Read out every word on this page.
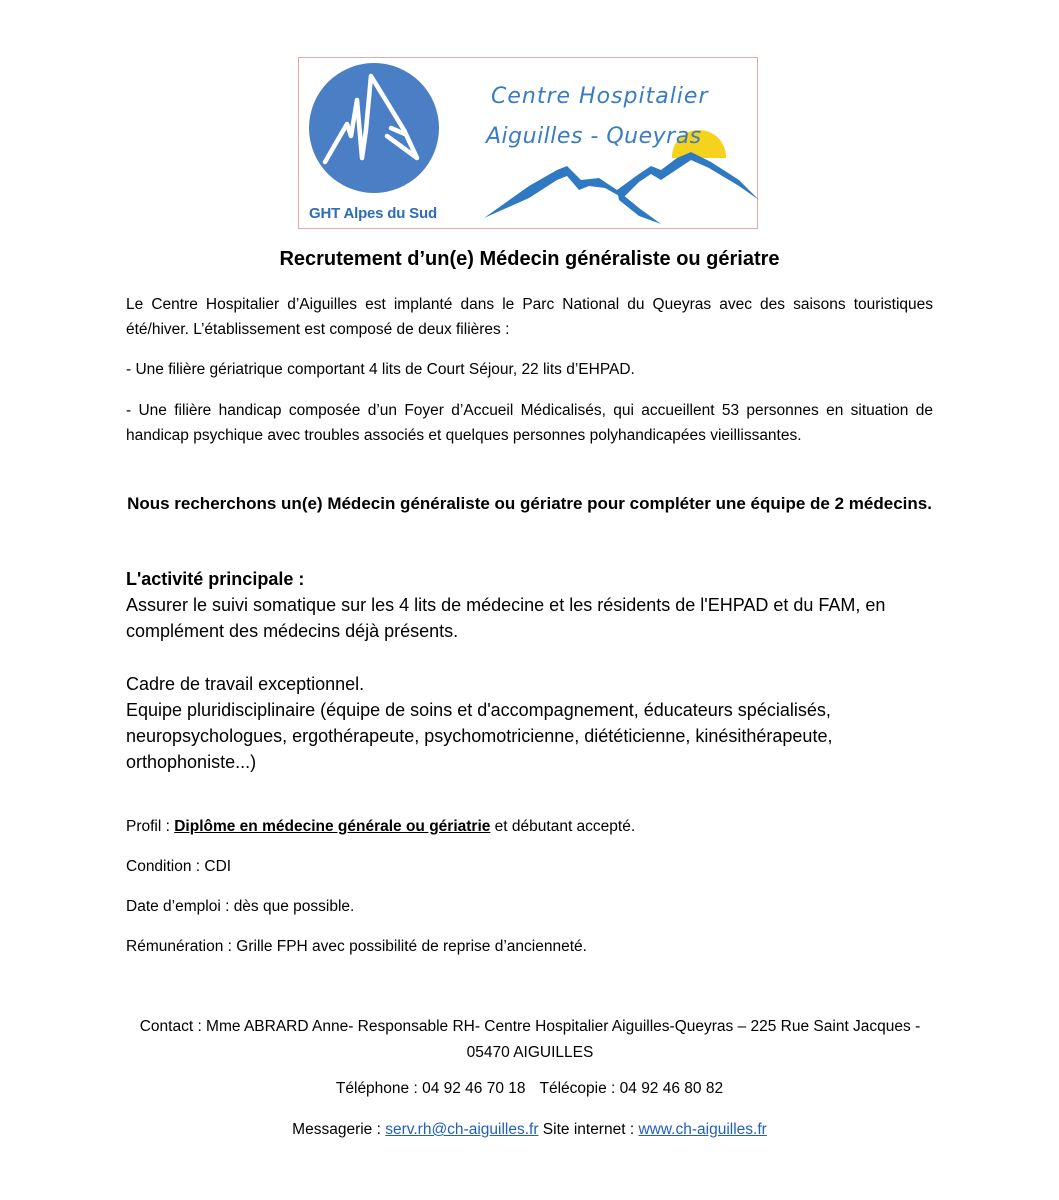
GHT Alpes du Sud
Centre Hospitalier
Aiguilles - Queyras
Recrutement d’un(e) Médecin généraliste ou gériatre
Le Centre Hospitalier d’Aiguilles est implanté dans le Parc National du Queyras avec des saisons touristiques été/hiver. L’établissement est composé de deux filières :
- Une filière gériatrique comportant 4 lits de Court Séjour, 22 lits d’EHPAD.
- Une filière handicap composée d’un Foyer d’Accueil Médicalisés, qui accueillent 53 personnes en situation de handicap psychique avec troubles associés et quelques personnes polyhandicapées vieillissantes.
Nous recherchons un(e) Médecin généraliste ou gériatre pour compléter une équipe de 2 médecins.
L'activité principale :
Assurer le suivi somatique sur les 4 lits de médecine et les résidents de l'EHPAD et du FAM, en complément des médecins déjà présents.
Cadre de travail exceptionnel.
Equipe pluridisciplinaire (équipe de soins et d'accompagnement, éducateurs spécialisés, neuropsychologues, ergothérapeute, psychomotricienne, diététicienne, kinésithérapeute, orthophoniste...)
Profil : Diplôme en médecine générale ou gériatrie et débutant accepté.
Condition : CDI
Date d’emploi : dès que possible.
Rémunération : Grille FPH avec possibilité de reprise d’ancienneté.
Contact : Mme ABRARD Anne- Responsable RH- Centre Hospitalier Aiguilles-Queyras – 225 Rue Saint Jacques - 05470 AIGUILLES
Téléphone : 04 92 46 70 18 Télécopie : 04 92 46 80 82
Messagerie : serv.rh@ch-aiguilles.fr Site internet : www.ch-aiguilles.fr
